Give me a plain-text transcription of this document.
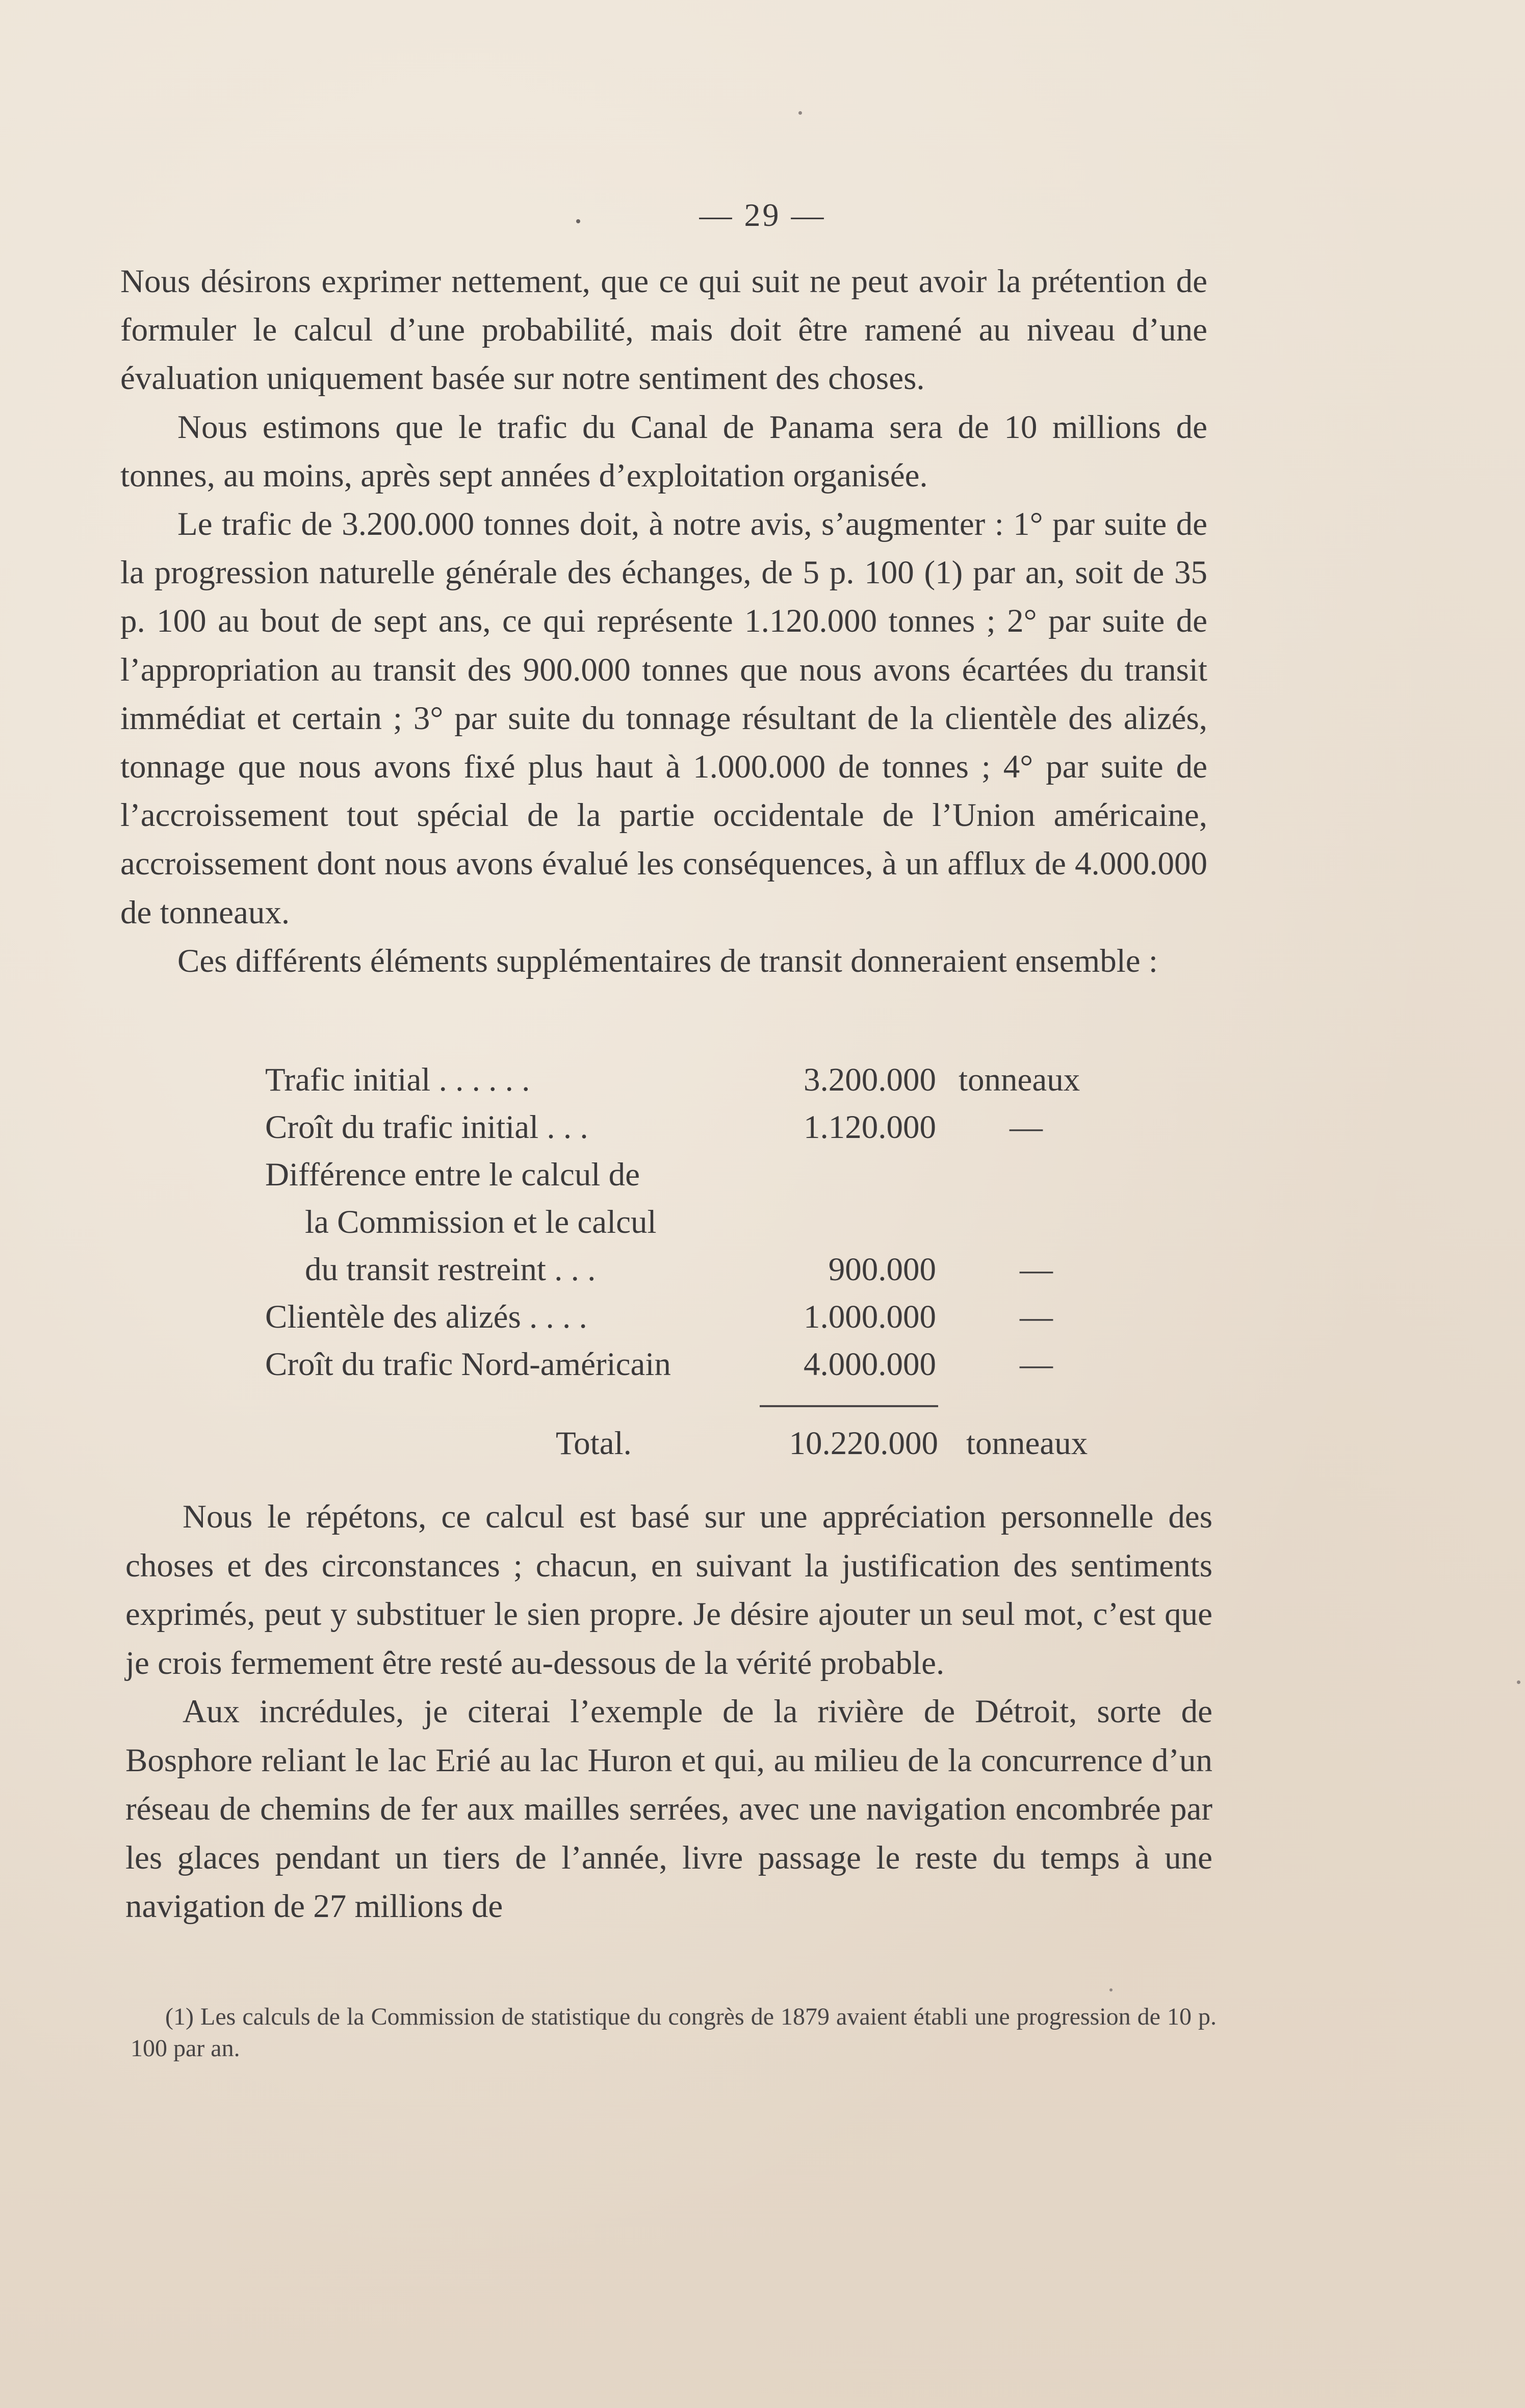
— 29 —

Nous désirons exprimer nettement, que ce qui suit ne peut avoir la prétention de formuler le calcul d’une probabilité, mais doit être ramené au niveau d’une évaluation uniquement basée sur notre sentiment des choses.

Nous estimons que le trafic du Canal de Panama sera de 10 millions de tonnes, au moins, après sept années d’exploitation organisée.

Le trafic de 3.200.000 tonnes doit, à notre avis, s’augmenter : 1° par suite de la progression naturelle générale des échanges, de 5 p. 100 (1) par an, soit de 35 p. 100 au bout de sept ans, ce qui représente 1.120.000 tonnes ; 2° par suite de l’appropriation au transit des 900.000 tonnes que nous avons écartées du transit immédiat et certain ; 3° par suite du tonnage résultant de la clientèle des alizés, tonnage que nous avons fixé plus haut à 1.000.000 de tonnes ; 4° par suite de l’accroissement tout spécial de la partie occidentale de l’Union américaine, accroissement dont nous avons évalué les conséquences, à un afflux de 4.000.000 de tonneaux.

Ces différents éléments supplémentaires de transit donneraient ensemble :

Trafic initial . . . . . .	3.200.000 tonneaux
Croît du trafic initial . . .	1.120.000 —
Différence entre le calcul de
la Commission et le calcul
du transit restreint . . .	900.000	—
Clientèle des alizés . . . .	1.000.000	—
Croît du trafic Nord-américain	4.000.000	—
Total.	10.220.000 tonneaux

Nous le répétons, ce calcul est basé sur une appréciation personnelle des choses et des circonstances ; chacun, en suivant la justification des sentiments exprimés, peut y substituer le sien propre. Je désire ajouter un seul mot, c’est que je crois fermement être resté au-dessous de la vérité probable.

Aux incrédules, je citerai l’exemple de la rivière de Détroit, sorte de Bosphore reliant le lac Erié au lac Huron et qui, au milieu de la concurrence d’un réseau de chemins de fer aux mailles serrées, avec une navigation encombrée par les glaces pendant un tiers de l’année, livre passage le reste du temps à une navigation de 27 millions de

(1) Les calculs de la Commission de statistique du congrès de 1879 avaient établi une progression de 10 p. 100 par an.
